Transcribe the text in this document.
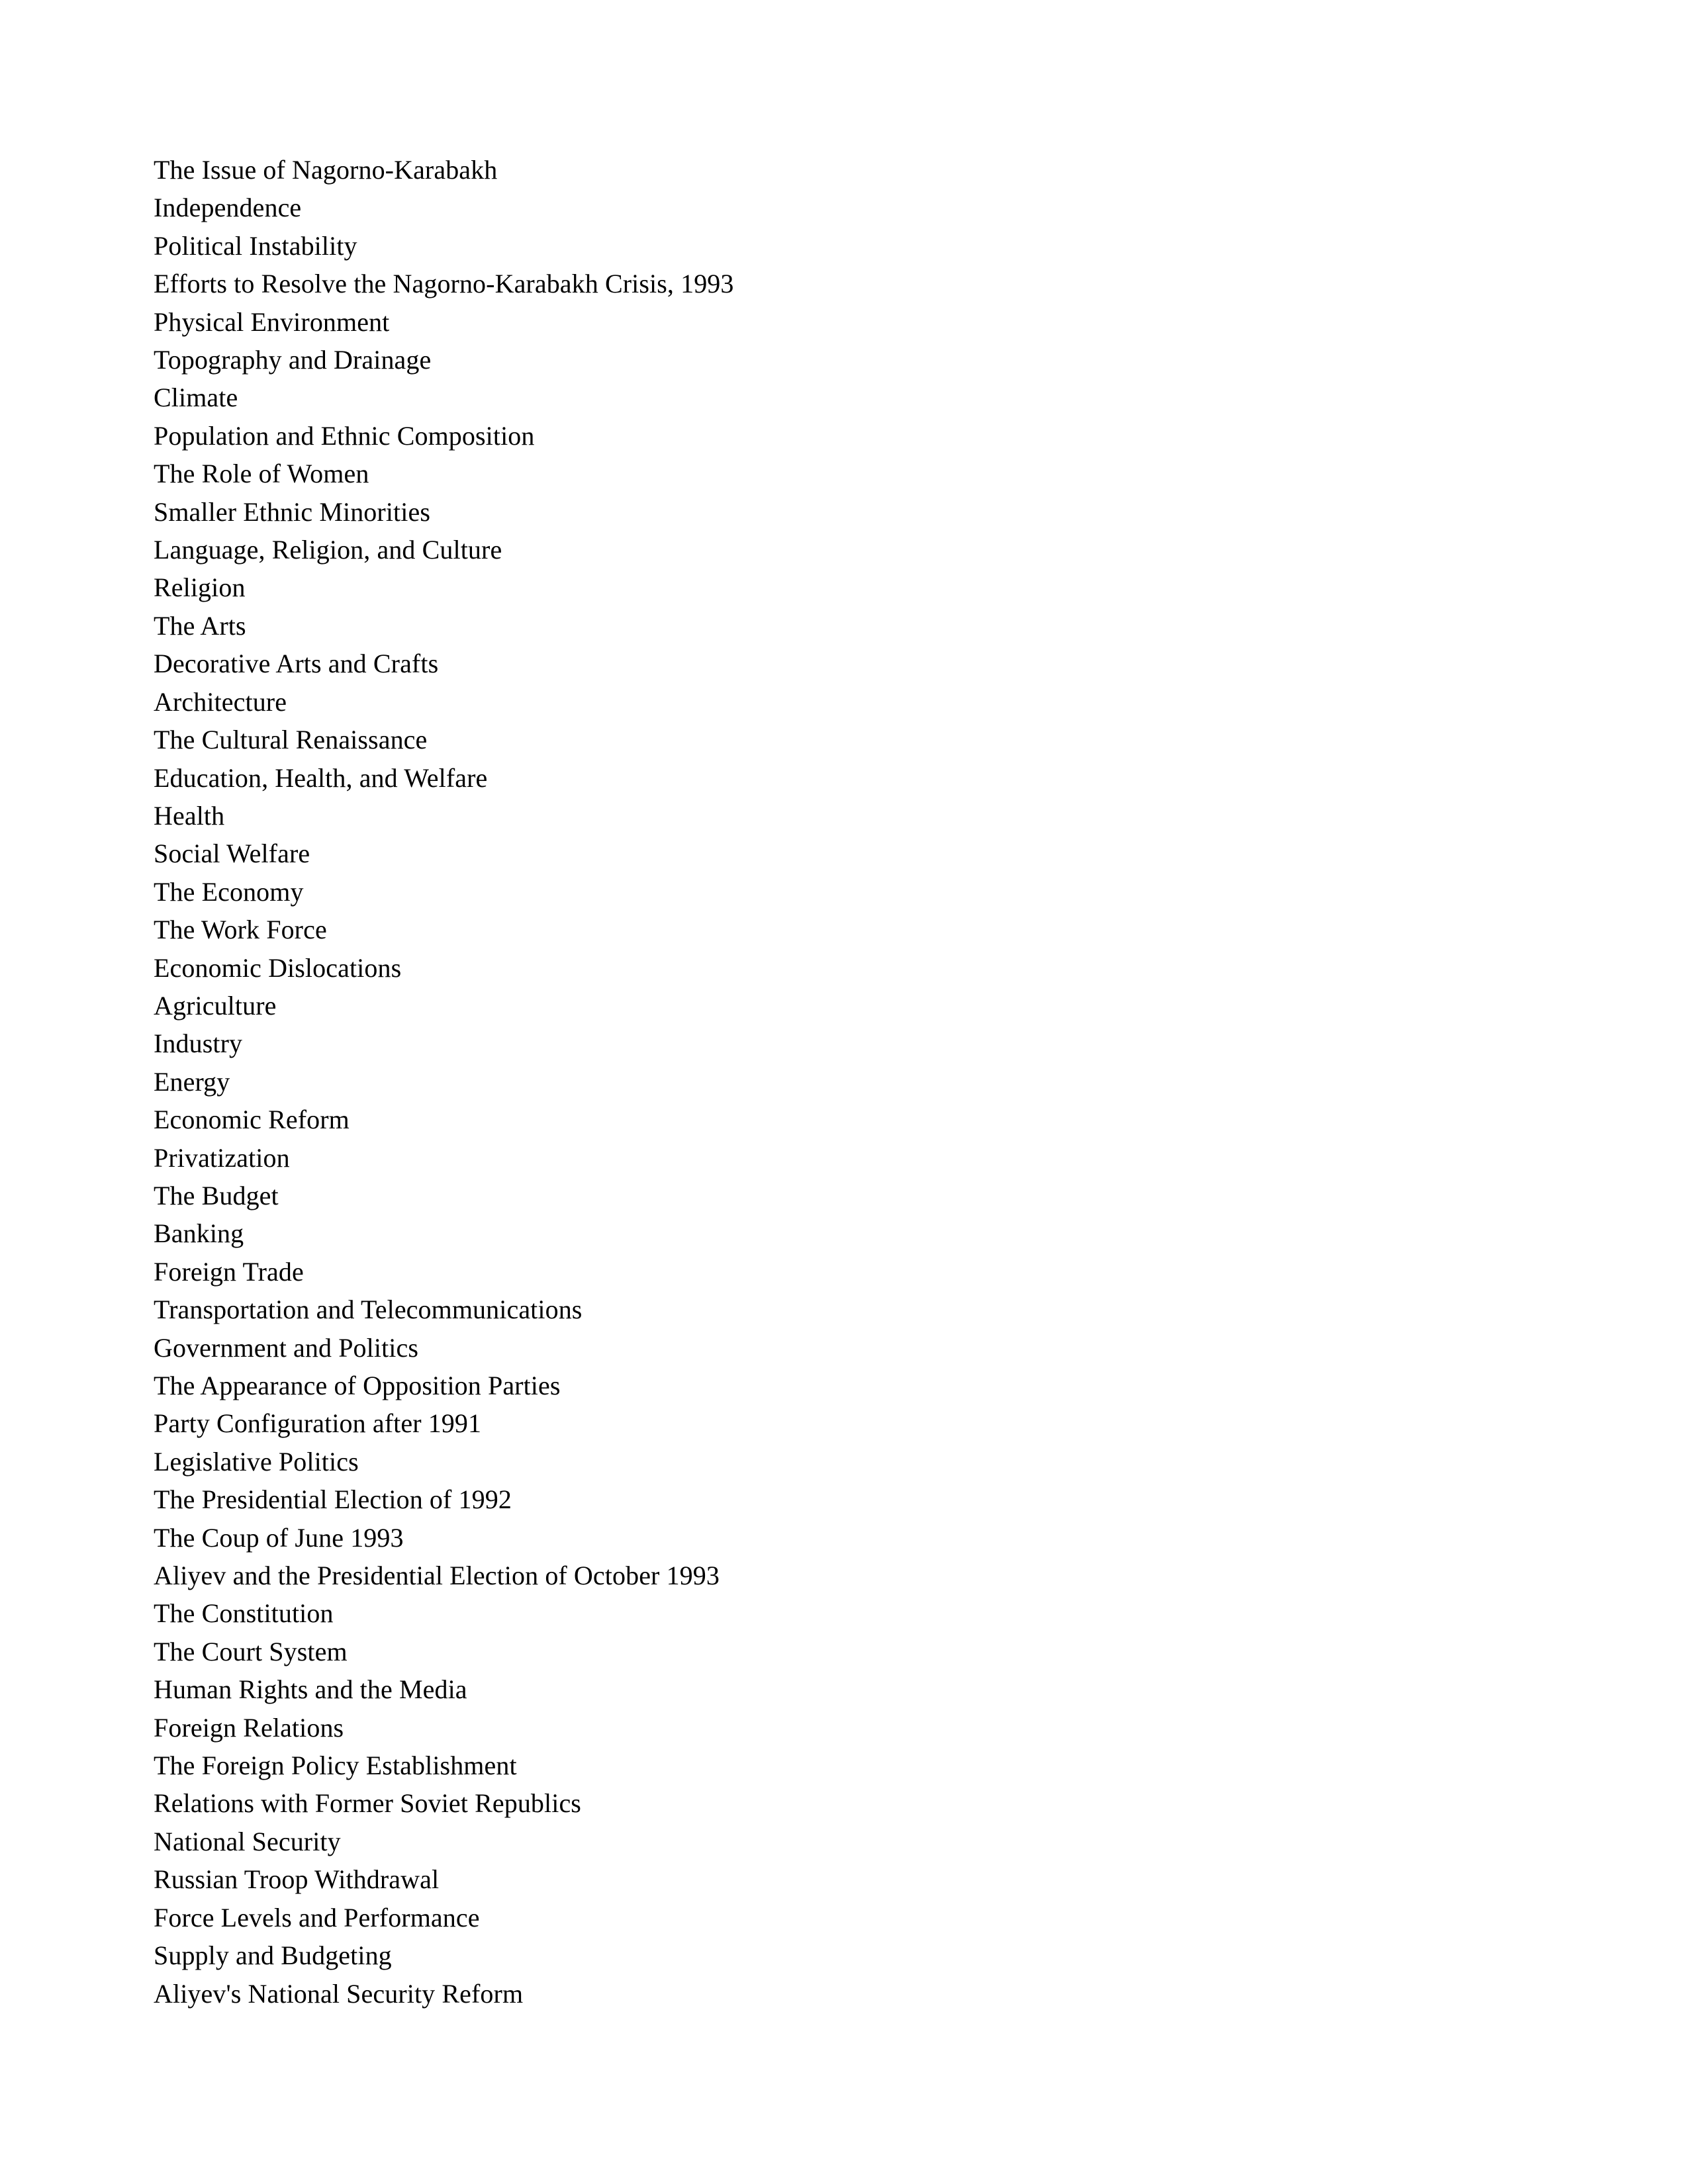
The Issue of Nagorno-Karabakh
Independence
Political Instability
Efforts to Resolve the Nagorno-Karabakh Crisis, 1993
Physical Environment
Topography and Drainage
Climate
Population and Ethnic Composition
The Role of Women
Smaller Ethnic Minorities
Language, Religion, and Culture
Religion
The Arts
Decorative Arts and Crafts
Architecture
The Cultural Renaissance
Education, Health, and Welfare
Health
Social Welfare
The Economy
The Work Force
Economic Dislocations
Agriculture
Industry
Energy
Economic Reform
Privatization
The Budget
Banking
Foreign Trade
Transportation and Telecommunications
Government and Politics
The Appearance of Opposition Parties
Party Configuration after 1991
Legislative Politics
The Presidential Election of 1992
The Coup of June 1993
Aliyev and the Presidential Election of October 1993
The Constitution
The Court System
Human Rights and the Media
Foreign Relations
The Foreign Policy Establishment
Relations with Former Soviet Republics
National Security
Russian Troop Withdrawal
Force Levels and Performance
Supply and Budgeting
Aliyev's National Security Reform
